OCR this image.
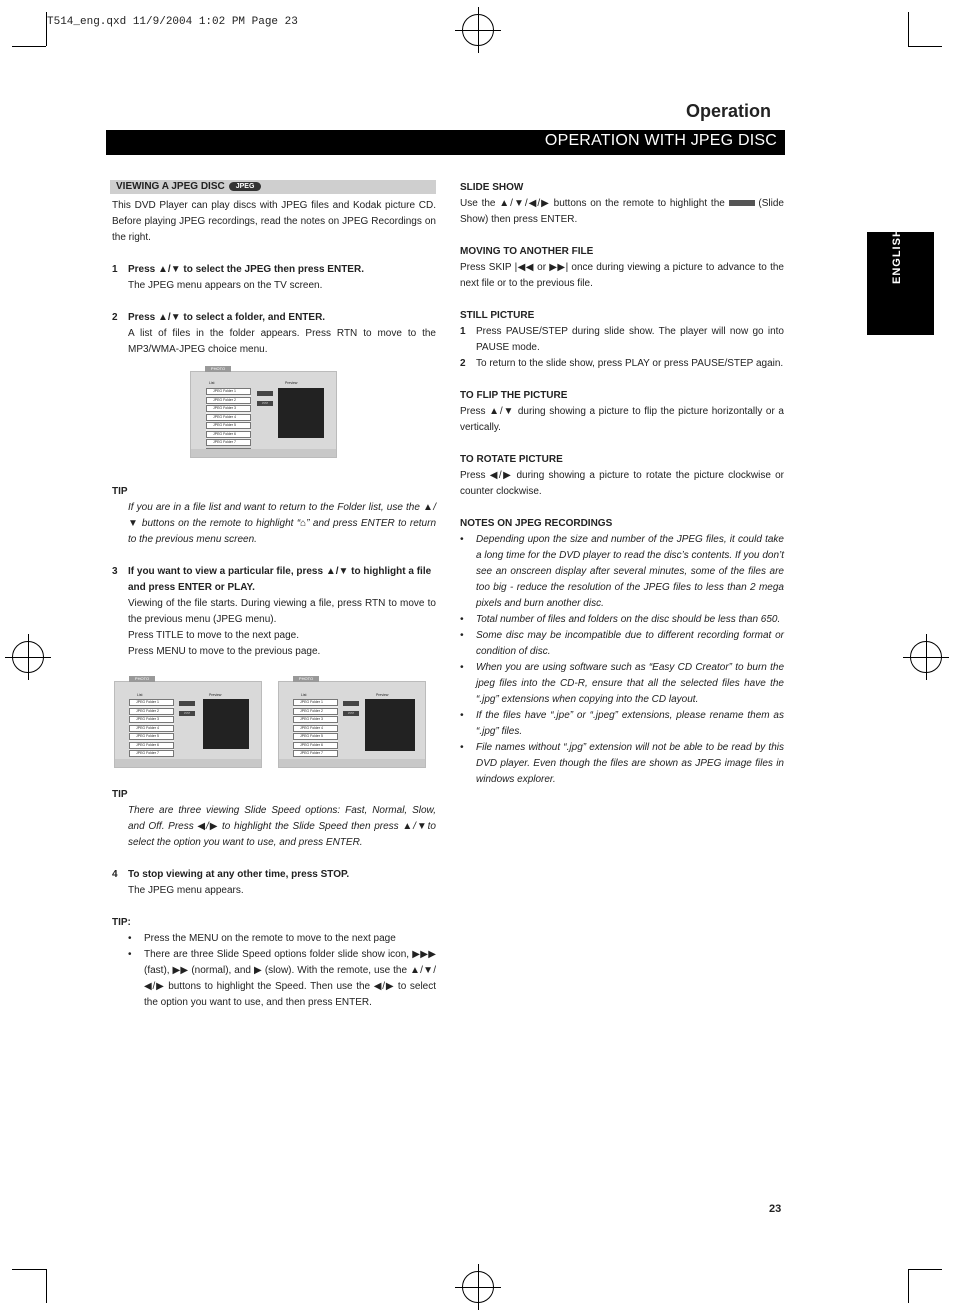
T514_eng.qxd 11/9/2004 1:02 PM Page 23
Operation
OPERATION WITH JPEG DISC
ENGLISH
VIEWING A JPEG DISC JPEG

This DVD Player can play discs with JPEG files and Kodak picture CD. Before playing JPEG recordings, read the notes on JPEG Recordings on the right.

1 Press ▲/▼ to select the JPEG then press ENTER.

The JPEG menu appears on the TV screen.

2 Press ▲/▼ to select a folder, and ENTER.

A list of files in the folder appears. Press RTN to move to the MP3/WMA-JPEG choice menu.

PHOTO
List	Preview
JPEG Folder 1
JPEG Folder 2
JPEG Folder 3
JPEG Folder 4
JPEG Folder 5
JPEG Folder 6
JPEG Folder 7
>>>
TIP

If you are in a file list and want to return to the Folder list, use the ▲/▼ buttons on the remote to highlight “⌂” and press ENTER to return to the previous menu screen.

3 If you want to view a particular file, press ▲/▼ to highlight a file and press ENTER or PLAY.

Viewing of the file starts. During viewing a file, press RTN to move to the previous menu (JPEG menu).

Press TITLE to move to the next page.

Press MENU to move to the previous page.

PHOTO
List	Preview
JPEG Folder 1
JPEG Folder 2
JPEG Folder 3
JPEG Folder 4
JPEG Folder 5
JPEG Folder 6
JPEG Folder 7
>>>
PHOTO
List	Preview
JPEG Folder 1
JPEG Folder 2
JPEG Folder 3
JPEG Folder 4
JPEG Folder 5
JPEG Folder 6
JPEG Folder 7
>>>
TIP

There are three viewing Slide Speed options: Fast, Normal, Slow, and Off. Press ◀/▶ to highlight the Slide Speed then press ▲/▼to select the option you want to use, and press ENTER.

4 To stop viewing at any other time, press STOP.

The JPEG menu appears.

TIP:
• Press the MENU on the remote to move to the next page
• There are three Slide Speed options folder slide show icon, ▶▶▶ (fast), ▶▶ (normal), and ▶ (slow). With the remote, use the ▲/▼/◀/▶ buttons to highlight the Speed. Then use the ◀/▶ to select the option you want to use, and then press ENTER.
SLIDE SHOW

Use the ▲/▼/◀/▶ buttons on the remote to highlight the	(Slide Show) then press ENTER.

MOVING TO ANOTHER FILE

Press SKIP |◀◀ or ▶▶| once during viewing a picture to advance to the next file or to the previous file.

STILL PICTURE
1	Press PAUSE/STEP during slide show. The player will now go into PAUSE mode.

2	To return to the slide show, press PLAY or press PAUSE/STEP again.

TO FLIP THE PICTURE

Press ▲/▼ during showing a picture to flip the picture horizontally or a vertically.

TO ROTATE PICTURE

Press ◀/▶ during showing a picture to rotate the picture clockwise or counter clockwise.

NOTES ON JPEG RECORDINGS
• Depending upon the size and number of the JPEG files, it could take a long time for the DVD player to read the disc’s contents. If you don’t see an onscreen display after several minutes, some of the files are too big - reduce the resolution of the JPEG files to less than 2 mega pixels and burn another disc.
• Total number of files and folders on the disc should be less than 650.
• Some disc may be incompatible due to different recording format or condition of disc.
• When you are using software such as “Easy CD Creator” to burn the jpeg files into the CD-R, ensure that all the selected files have the “.jpg” extensions when copying into the CD layout.
• If the files have “.jpe” or “.jpeg” extensions, please rename them as “.jpg” files.
• File names without “.jpg” extension will not be able to be read by this DVD player. Even though the files are shown as JPEG image files in windows explorer.
23
